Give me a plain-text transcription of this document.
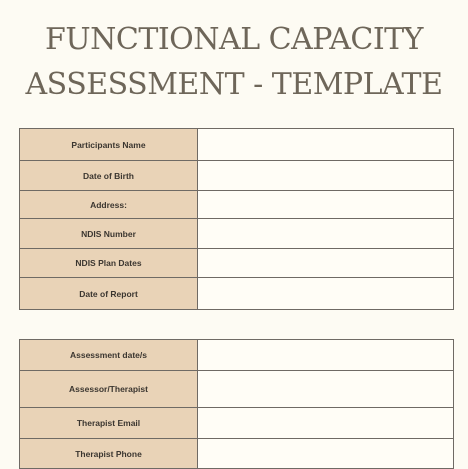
FUNCTIONAL CAPACITY
ASSESSMENT - TEMPLATE
Participants Name	
Date of Birth	
Address:	
NDIS Number	
NDIS Plan Dates	
Date of Report	
Assessment date/s	
Assessor/Therapist	
Therapist Email	
Therapist Phone	
